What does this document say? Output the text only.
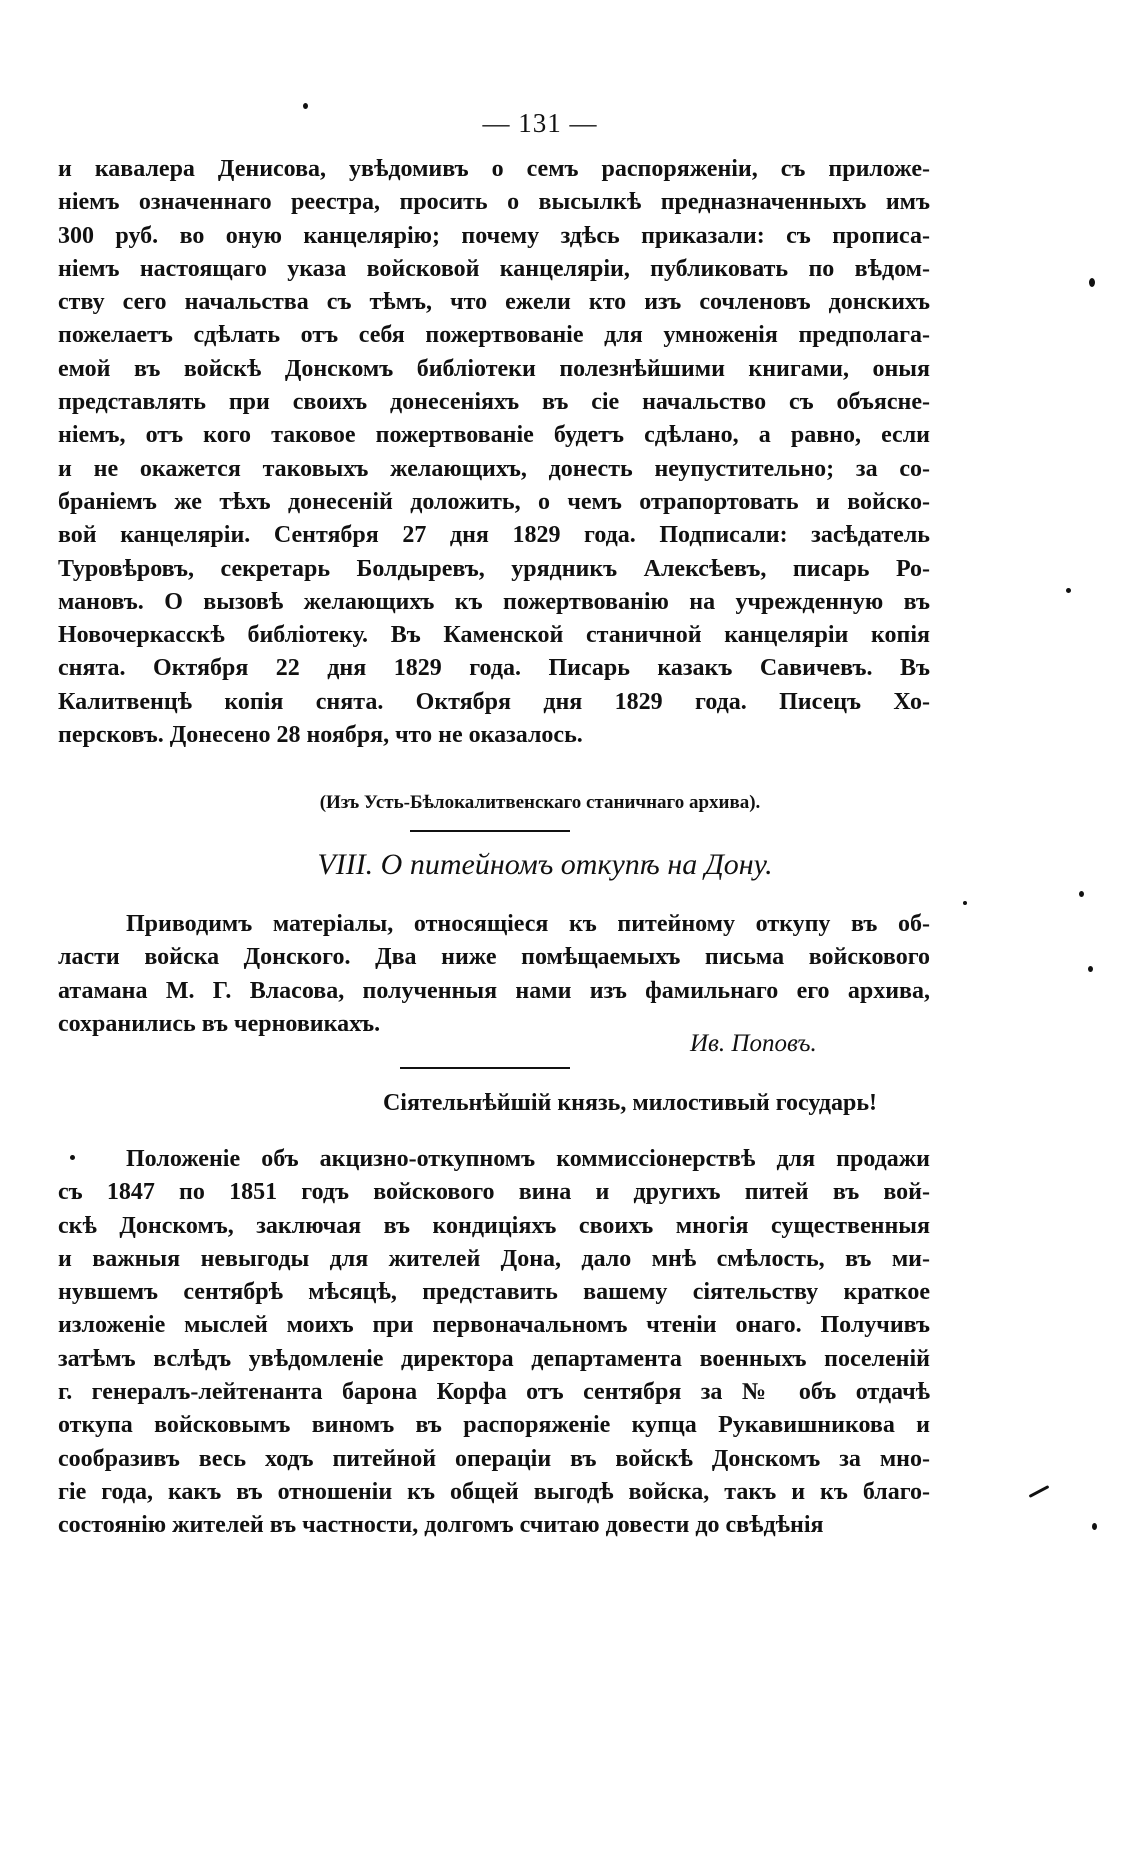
— 131 —
и кавалера Денисова, увѣдомивъ о семъ распоряженiи, съ приложе-
нiемъ означеннаго реестра, просить о высылкѣ предназначенныхъ имъ
300 руб. во оную канцелярiю; почему здѣсь приказали: съ прописа-
нiемъ настоящаго указа войсковой канцелярiи, публиковать по вѣдом-
ству сего начальства съ тѣмъ, что ежели кто изъ сочленовъ донскихъ
пожелаетъ сдѣлать отъ себя пожертвованiе для умноженiя предполага-
емой въ войскѣ Донскомъ библiотеки полезнѣйшими книгами, оныя
представлять при своихъ донесенiяхъ въ сiе начальство съ объясне-
нiемъ, отъ кого таковое пожертвованiе будетъ сдѣлано, а равно, если
и не окажется таковыхъ желающихъ, донесть неупустительно; за со-
бранiемъ же тѣхъ донесенiй доложить, о чемъ отрапортовать и войско-
вой канцелярiи. Сентября 27 дня 1829 года. Подписали: засѣдатель
Туровѣровъ, секретарь Болдыревъ, урядникъ Алексѣевъ, писарь Ро-
мановъ. О вызовѣ желающихъ къ пожертвованiю на учрежденную въ
Новочеркасскѣ библiотеку. Въ Каменской станичной канцелярiи копiя
снята. Октября 22 дня 1829 года. Писарь казакъ Савичевъ. Въ
Калитвенцѣ копiя снята. Октября дня 1829 года. Писецъ Хо-
персковъ. Донесено 28 ноября, что не оказалось.
(Изъ Усть-Бѣлокалитвенскаго станичнаго архива).
VIII. О питейномъ откупѣ на Дону.
Приводимъ матерiалы, относящiеся къ питейному откупу въ об-
ласти войска Донского. Два ниже помѣщаемыхъ письма войскового
атамана М. Г. Власова, полученныя нами изъ фамильнаго его архива,
сохранились въ черновикахъ.
Ив. Поповъ.
Сiятельнѣйшiй князь, милостивый государь!
Положенiе объ акцизно-откупномъ коммиссiонерствѣ для продажи
съ 1847 по 1851 годъ войскового вина и другихъ питей въ вой-
скѣ Донскомъ, заключая въ кондицiяхъ своихъ многiя существенныя
и важныя невыгоды для жителей Дона, дало мнѣ смѣлость, въ ми-
нувшемъ сентябрѣ мѣсяцѣ, представить вашему сiятельству краткое
изложенiе мыслей моихъ при первоначальномъ чтенiи онаго. Получивъ
затѣмъ вслѣдъ увѣдомленiе директора департамента военныхъ поселенiй
г. генералъ-лейтенанта барона Корфа отъ сентября за № объ отдачѣ
откупа войсковымъ виномъ въ распоряженiе купца Рукавишникова и
сообразивъ весь ходъ питейной операцiи въ войскѣ Донскомъ за мно-
гiе года, какъ въ отношенiи къ общей выгодѣ войска, такъ и къ благо-
состоянiю жителей въ частности, долгомъ считаю довести до свѣдѣнiя
